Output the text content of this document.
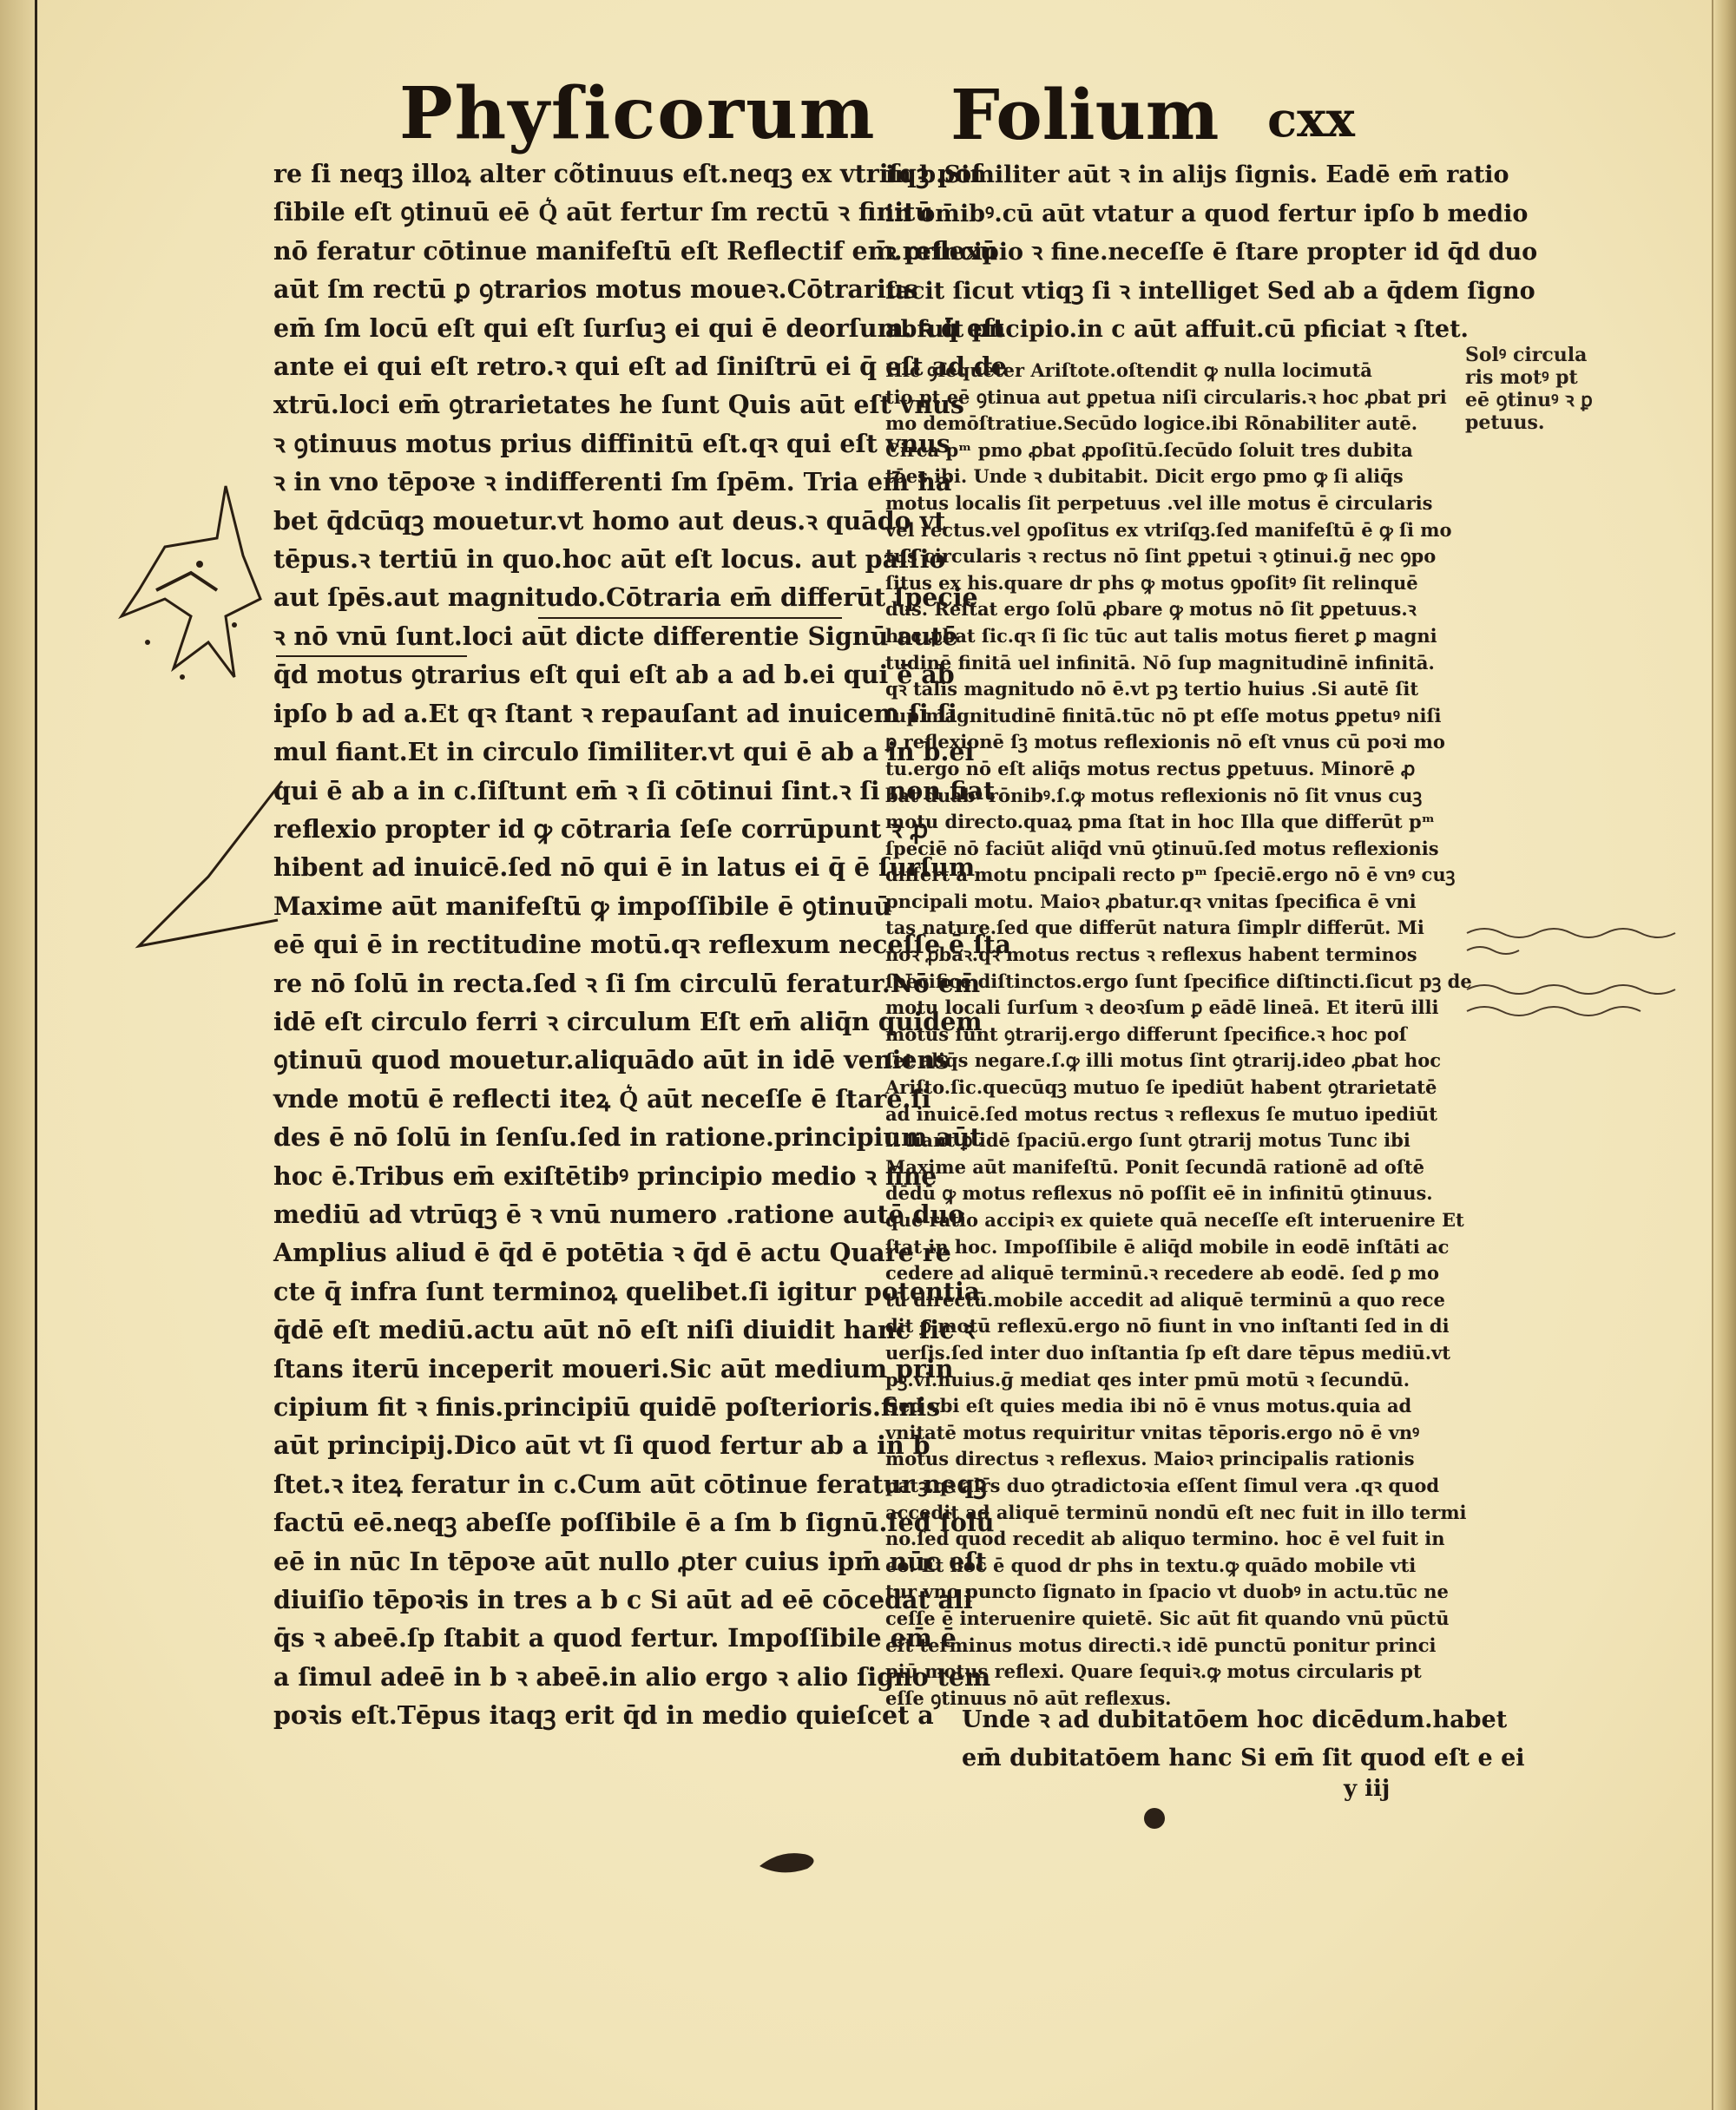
Phyſicorum Folium cxx
re ſi neqꝫ illoꝝ alter cõtinuus eſt.neqꝫ ex vtriſqꝫ poſ
ſibile eſt ꝯtinuū eē Q͛ aūt fertur ſm rectū ꝛ finitū
nō feratur cōtinue manifeſtū eſt Reflectif em̄.reflexū
aūt ſm rectū ꝑ ꝯtrarios motus moueꝛ.Cōtrarius
em̄ ſm locū eſt qui eſt ſurſuꝫ ei qui ē deorſum. ꝛ q̄ eſt
ante ei qui eſt retro.ꝛ qui eſt ad ſiniſtrū ei q̄ eſt ad de
xtrū.loci em̄ ꝯtrarietates he ſunt Quis aūt eſt vnus
ꝛ ꝯtinuus motus prius diffinitū eſt.qꝛ qui eſt vnus
ꝛ in vno tēpoꝛe ꝛ indifferenti ſm ſpēm. Tria em̄ ha
bet q̄dcūqꝫ mouetur.vt homo aut deus.ꝛ quādo vt
tēpus.ꝛ tertiū in quo.hoc aūt eſt locus. aut paſſio
aut ſpēs.aut magnitudo.Cōtraria em̄ differūt ſpecie
ꝛ nō vnū ſunt.loci aūt dicte differentie Signū autē
q̄d motus ꝯtrarius eſt qui eſt ab a ad b.ei qui ē ab
ipſo b ad a.Et qꝛ ſtant ꝛ repauſant ad inuicem ſi ſi
mul fiant.Et in circulo ſimiliter.vt qui ē ab a in b.ei
qui ē ab a in c.ſiſtunt em̄ ꝛ ſi cōtinui ſint.ꝛ ſi non fiat
reflexio propter id ꝙ cōtraria ſeſe corrūpunt ꝛ ꝓ
hibent ad inuicē.ſed nō qui ē in latus ei q̄ ē ſurſum
Maxime aūt manifeſtū ꝙ impoſſibile ē ꝯtinuū
eē qui ē in rectitudine motū.qꝛ reflexum neceſſe ē ſta
re nō ſolū in recta.ſed ꝛ ſi ſm circulū feratur.Nō em̄
idē eſt circulo ferri ꝛ circulum Eſt em̄ aliq̄n quidem
ꝯtinuū quod mouetur.aliquādo aūt in idē veniens
vnde motū ē reflecti iteꝝ Q͛ aūt neceſſe ē ſtare.ſi
des ē nō ſolū in ſenſu.ſed in ratione.principium aūt
hoc ē.Tribus em̄ exiſtētibꝰ principio medio ꝛ fine
mediū ad vtrūqꝫ ē ꝛ vnū numero .ratione autē duo
Amplius aliud ē q̄d ē potētia ꝛ q̄d ē actu Quare re
cte q̄ infra ſunt terminoꝝ quelibet.ſi igitur potentia
q̄dē eſt mediū.actu aūt nō eſt niſi diuidit hanc ſic ꝛ
ſtans iterū inceperit moueri.Sic aūt medium prin
cipium fit ꝛ finis.principiū quidē poſterioris.finis
aūt principij.Dico aūt vt ſi quod fertur ab a in b
ſtet.ꝛ iteꝝ feratur in c.Cum aūt cōtinue feratur neqꝫ
factū eē.neqꝫ abeſſe poſſibile ē a ſm b ſignū.ſed ſolū
eē in nūc In tēpoꝛe aūt nullo ꝓter cuius ipm̄ nūc eſt
diuiſio tēpoꝛis in tres a b c Si aūt ad eē cōcedat ali
q̄s ꝛ abeē.ſp ſtabit a quod fertur. Impoſſibile em̄ ē
a ſimul adeē in b ꝛ abeē.in alio ergo ꝛ alio ſigno tem
poꝛis eſt.Tēpus itaqꝫ erit q̄d in medio quieſcet a
in b.Similiter aūt ꝛ in alijs ſignis. Eadē em̄ ratio
in om̄ibꝰ.cū aūt vtatur a quod fertur ipſo b medio
ꝛ principio ꝛ fine.neceſſe ē ſtare propter id q̄d duo
facit ſicut vtiqꝫ ſi ꝛ intelliget Sed ab a q̄dem ſigno
abfuit pncipio.in c aūt affuit.cū pficiat ꝛ ſtet.
Hic ꝯſequēter Ariſtote.oſtendit ꝙ nulla locimutā
tio pt eē ꝯtinua aut ꝑpetua niſi circularis.ꝛ hoc ꝓbat pri
mo demōſtratiue.Secūdo logice.ibi Rōnabiliter autē.
Circa pᵐ pmo ꝓbat ꝓpoſitū.ſecūdo ſoluit tres dubita
tōes.ibi. Unde ꝛ dubitabit. Dicit ergo pmo ꝙ ſi aliq̄s
motus localis ſit perpetuus .vel ille motus ē circularis
vel rectus.vel ꝯpoſitus ex vtriſqꝫ.ſed manifeſtū ē ꝙ ſi mo
tus circularis ꝛ rectus nō ſint ꝑpetui ꝛ ꝯtinui.ḡ nec ꝯpo
ſitus ex his.quare dr phs ꝙ motus ꝯpoſitꝰ ſit relinquē
dus. Reſtat ergo ſolū ꝓbare ꝙ motus nō ſit ꝑpetuus.ꝛ
hoc ꝓbat ſic.qꝛ ſi ſic tūc aut talis motus fieret ꝑ magni
tudinē finitā uel infinitā. Nō ſup magnitudinē infinitā.
qꝛ talis magnitudo nō ē.vt pꝫ tertio huius .Si autē ſit
ſup magnitudinē finitā.tūc nō pt eſſe motus ꝑpetuꝰ niſi
ꝑ reflexionē ſꝫ motus reflexionis nō eſt vnus cū poꝛi mo
tu.ergo nō eſt aliq̄s motus rectus ꝑpetuus. Minorē ꝓ
bat duabꝰ rōnibꝰ.ſ.ꝙ motus reflexionis nō ſit vnus cuꝫ
motu directo.quaꝝ pma ſtat in hoc Illa que differūt pᵐ
ſpeciē nō faciūt aliq̄d vnū ꝯtinuū.ſed motus reflexionis
differt a motu pncipali recto pᵐ ſpeciē.ergo nō ē vnꝰ cuꝫ
pncipali motu. Maioꝛ ꝓbatur.qꝛ vnitas ſpecifica ē vni
tas nature.ſed que differūt natura ſimplr differūt. Mi
noꝛ ꝓbaꝛ.qꝛ motus rectus ꝛ reflexus habent terminos
ſpecifice diſtinctos.ergo ſunt ſpecifice diſtincti.ſicut pꝫ de
motu locali ſurſum ꝛ deoꝛſum ꝑ eādē lineā. Et iterū illi
motus ſunt ꝯtrarij.ergo differunt ſpecifice.ꝛ hoc poſ
ſet aliq̄s negare.ſ.ꝙ illi motus ſint ꝯtrarij.ideo ꝓbat hoc
Ariſto.ſic.quecūqꝫ mutuo ſe ipediūt habent ꝯtrarietatē
ad inuicē.ſed motus rectus ꝛ reflexus ſe mutuo ipediūt
ſi ſiant ꝑ idē ſpaciū.ergo ſunt ꝯtrarij motus Tunc ibi
Maxime aūt manifeſtū. Ponit ſecundā rationē ad oſtē
dēdū ꝙ motus reflexus nō poſſit eē in infinitū ꝯtinuus.
que ratio accipiꝛ ex quiete quā neceſſe eſt interuenire Et
ſtat in hoc. Impoſſibile ē aliq̄d mobile in eodē inſtāti ac
cedere ad aliquē terminū.ꝛ recedere ab eodē. ſed ꝑ mo
tū directū.mobile accedit ad aliquē terminū a quo rece
dit ꝑ motū reflexū.ergo nō fiunt in vno inſtanti ſed in di
uerſis.ſed inter duo inſtantia ſp eſt dare tēpus mediū.vt
pꝫ.vi.huius.ḡ mediat qes inter pmū motū ꝛ ſecundū.
Sed vbi eſt quies media ibi nō ē vnus motus.quia ad
vnitatē motus requiritur vnitas tēporis.ergo nō ē vnꝰ
motus directus ꝛ reflexus. Maioꝛ principalis rationis
patꝫ.qꝛ alr̄s duo ꝯtradictoꝛia eſſent ſimul vera .qꝛ quod
accedit ad aliquē terminū nondū eſt nec fuit in illo termi
no.ſed quod recedit ab aliquo termino. hoc ē vel fuit in
eo. Et hoc ē quod dr phs in textu.ꝙ quādo mobile vti
tur vno puncto ſignato in ſpacio vt duobꝰ in actu.tūc ne
ceſſe ē interuenire quietē. Sic aūt fit quando vnū pūctū
eſt terminus motus directi.ꝛ idē punctū ponitur princi
piū motus reflexi. Quare ſequiꝛ.ꝙ motus circularis pt
eſſe ꝯtinuus nō aūt reflexus.
Unde ꝛ ad dubitatōem hoc dicēdum.habet
em̄ dubitatōem hanc Si em̄ ſit quod eſt e ei
y iij
Solꝰ circula
ris motꝰ pt
eē ꝯtinuꝰ ꝛ ꝑ
petuus.
